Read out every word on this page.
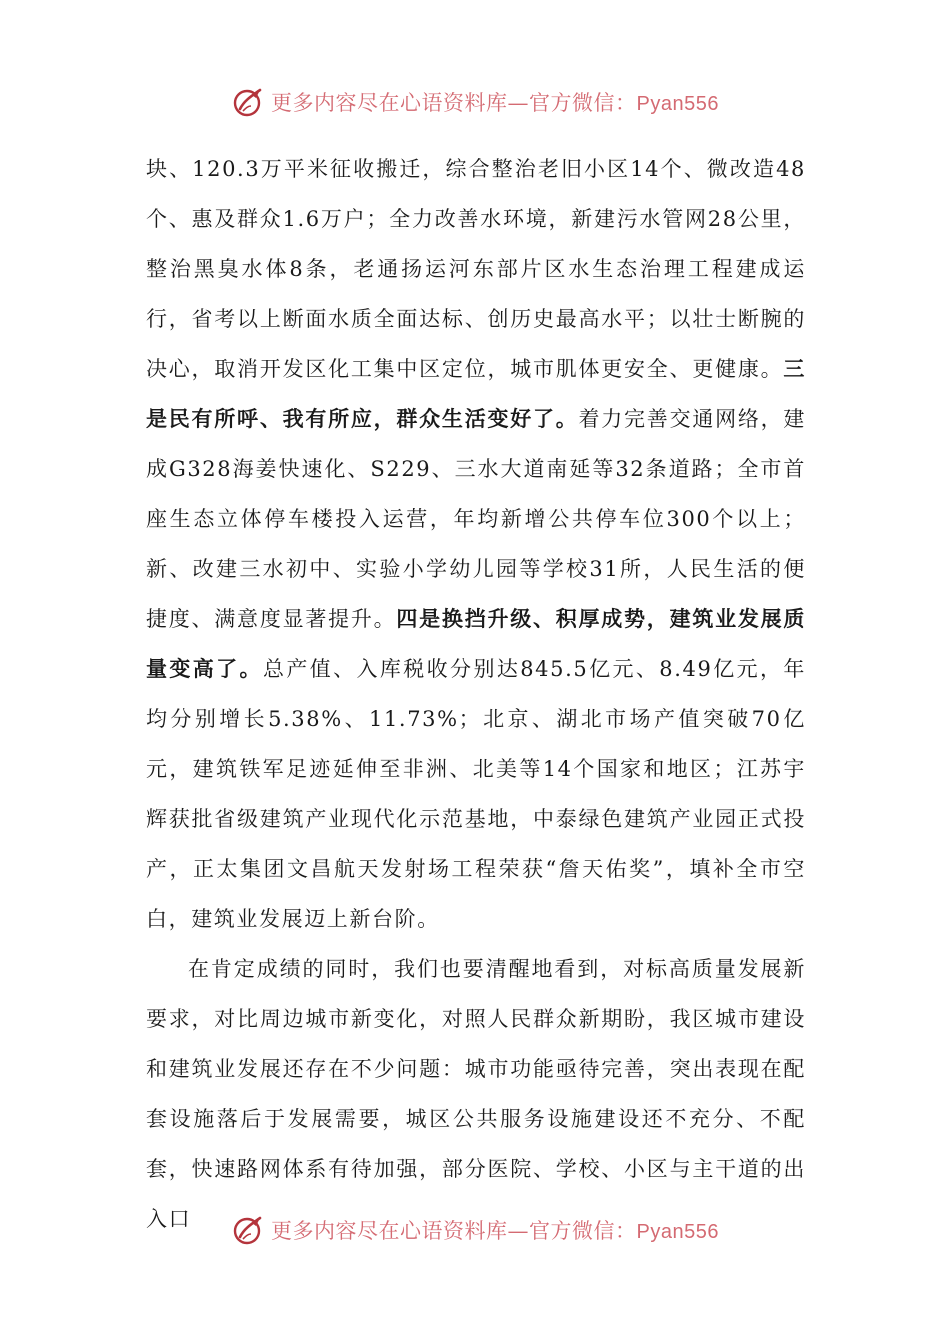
更多内容尽在心语资料库—官方微信：Pyan556

块、120.3万平米征收搬迁，综合整治老旧小区14个、微改造48个、惠及群众1.6万户；全力改善水环境，新建污水管网28公里，整治黑臭水体8条，老通扬运河东部片区水生态治理工程建成运行，省考以上断面水质全面达标、创历史最高水平；以壮士断腕的决心，取消开发区化工集中区定位，城市肌体更安全、更健康。三是民有所呼、我有所应，群众生活变好了。着力完善交通网络，建成G328海姜快速化、S229、三水大道南延等32条道路；全市首座生态立体停车楼投入运营，年均新增公共停车位300个以上；新、改建三水初中、实验小学幼儿园等学校31所，人民生活的便捷度、满意度显著提升。四是换挡升级、积厚成势，建筑业发展质量变高了。总产值、入库税收分别达845.5亿元、8.49亿元，年均分别增长5.38%、11.73%；北京、湖北市场产值突破70亿元，建筑铁军足迹延伸至非洲、北美等14个国家和地区；江苏宇辉获批省级建筑产业现代化示范基地，中泰绿色建筑产业园正式投产，正太集团文昌航天发射场工程荣获“詹天佑奖”，填补全市空白，建筑业发展迈上新台阶。

在肯定成绩的同时，我们也要清醒地看到，对标高质量发展新要求，对比周边城市新变化，对照人民群众新期盼，我区城市建设和建筑业发展还存在不少问题：城市功能亟待完善，突出表现在配套设施落后于发展需要，城区公共服务设施建设还不充分、不配套，快速路网体系有待加强，部分医院、学校、小区与主干道的出入口	更多内容尽在心语资料库—官方微信：Pyan556
